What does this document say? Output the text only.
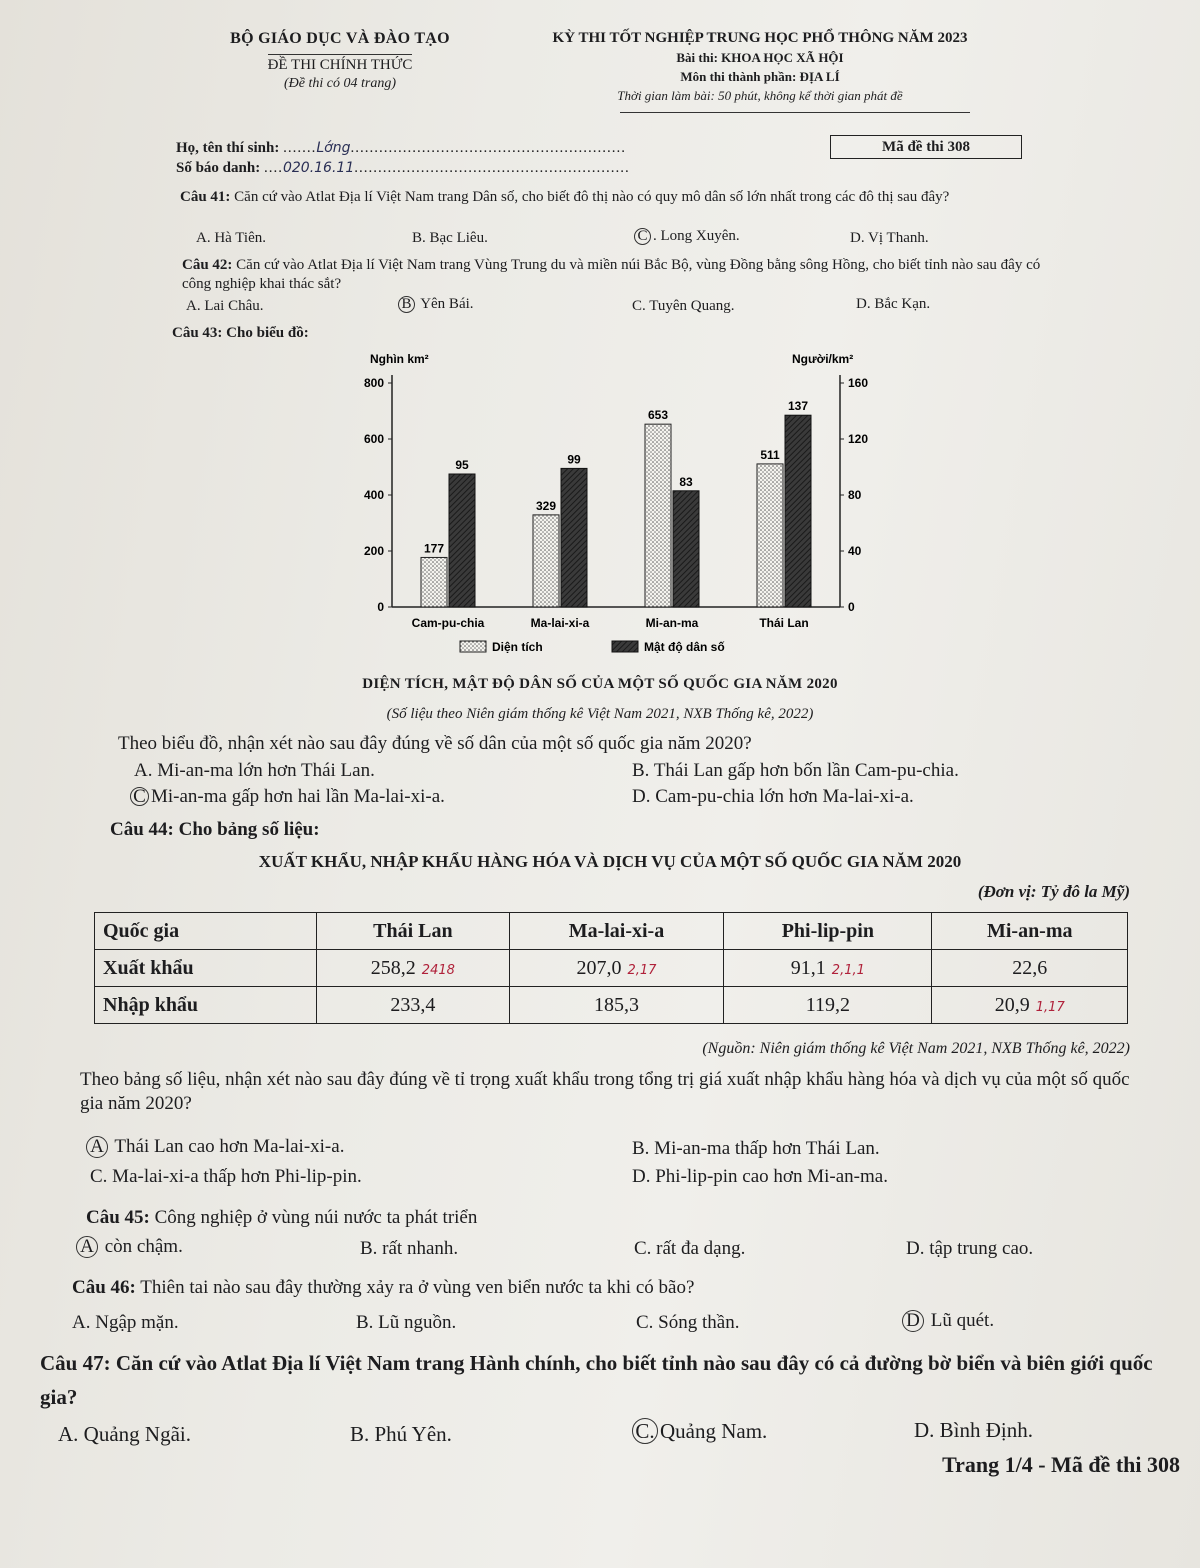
BỘ GIÁO DỤC VÀ ĐÀO TẠO
ĐỀ THI CHÍNH THỨC
(Đề thi có 04 trang)
KỲ THI TỐT NGHIỆP TRUNG HỌC PHỔ THÔNG NĂM 2023
Bài thi: KHOA HỌC XÃ HỘI
Môn thi thành phần: ĐỊA LÍ
Thời gian làm bài: 50 phút, không kể thời gian phát đề
Họ, tên thí sinh: .......Lớng..........................................................
Số báo danh: ....020.16.11..........................................................
Mã đề thi 308
Câu 41: Căn cứ vào Atlat Địa lí Việt Nam trang Dân số, cho biết đô thị nào có quy mô dân số lớn nhất trong các đô thị sau đây?
A. Hà Tiên.	B. Bạc Liêu.	C . Long Xuyên.	D. Vị Thanh.
Câu 42: Căn cứ vào Atlat Địa lí Việt Nam trang Vùng Trung du và miền núi Bắc Bộ, vùng Đồng bằng sông Hồng, cho biết tỉnh nào sau đây có công nghiệp khai thác sắt?
A. Lai Châu.	B Yên Bái.	C. Tuyên Quang.	D. Bắc Kạn.
Câu 43: Cho biểu đồ:
Nghìn km²	Người/km²
0
200
400
600
800
0
40
80
120
160
177
95
Cam-pu-chia
329
99
Ma-lai-xi-a
653
83
Mi-an-ma
511
137
Thái Lan
Diện tích	Mật độ dân số
DIỆN TÍCH, MẬT ĐỘ DÂN SỐ CỦA MỘT SỐ QUỐC GIA NĂM 2020
(Số liệu theo Niên giám thống kê Việt Nam 2021, NXB Thống kê, 2022)
Theo biểu đồ, nhận xét nào sau đây đúng về số dân của một số quốc gia năm 2020?
A. Mi-an-ma lớn hơn Thái Lan.	B. Thái Lan gấp hơn bốn lần Cam-pu-chia.
C Mi-an-ma gấp hơn hai lần Ma-lai-xi-a.	D. Cam-pu-chia lớn hơn Ma-lai-xi-a.
Câu 44: Cho bảng số liệu:
XUẤT KHẨU, NHẬP KHẨU HÀNG HÓA VÀ DỊCH VỤ CỦA MỘT SỐ QUỐC GIA NĂM 2020
(Đơn vị: Tỷ đô la Mỹ)
Quốc gia	Thái Lan	Ma-lai-xi-a	Phi-lip-pin	Mi-an-ma
Xuất khẩu	258,2 2418	207,0 2,17	91,1 2,1,1	22,6
Nhập khẩu	233,4	185,3	119,2	20,9 1,17
(Nguồn: Niên giám thống kê Việt Nam 2021, NXB Thống kê, 2022)
Theo bảng số liệu, nhận xét nào sau đây đúng về tỉ trọng xuất khẩu trong tổng trị giá xuất nhập khẩu hàng hóa và dịch vụ của một số quốc gia năm 2020?
A Thái Lan cao hơn Ma-lai-xi-a.	B. Mi-an-ma thấp hơn Thái Lan.
C. Ma-lai-xi-a thấp hơn Phi-lip-pin.	D. Phi-lip-pin cao hơn Mi-an-ma.
Câu 45: Công nghiệp ở vùng núi nước ta phát triển
A còn chậm.	B. rất nhanh.	C. rất đa dạng.	D. tập trung cao.
Câu 46: Thiên tai nào sau đây thường xảy ra ở vùng ven biển nước ta khi có bão?
A. Ngập mặn.	B. Lũ nguồn.	C. Sóng thần.	D Lũ quét.
Câu 47: Căn cứ vào Atlat Địa lí Việt Nam trang Hành chính, cho biết tỉnh nào sau đây có cả đường bờ biển và biên giới quốc gia?
A. Quảng Ngãi.	B. Phú Yên.	C. Quảng Nam.	D. Bình Định.
Trang 1/4 - Mã đề thi 308
